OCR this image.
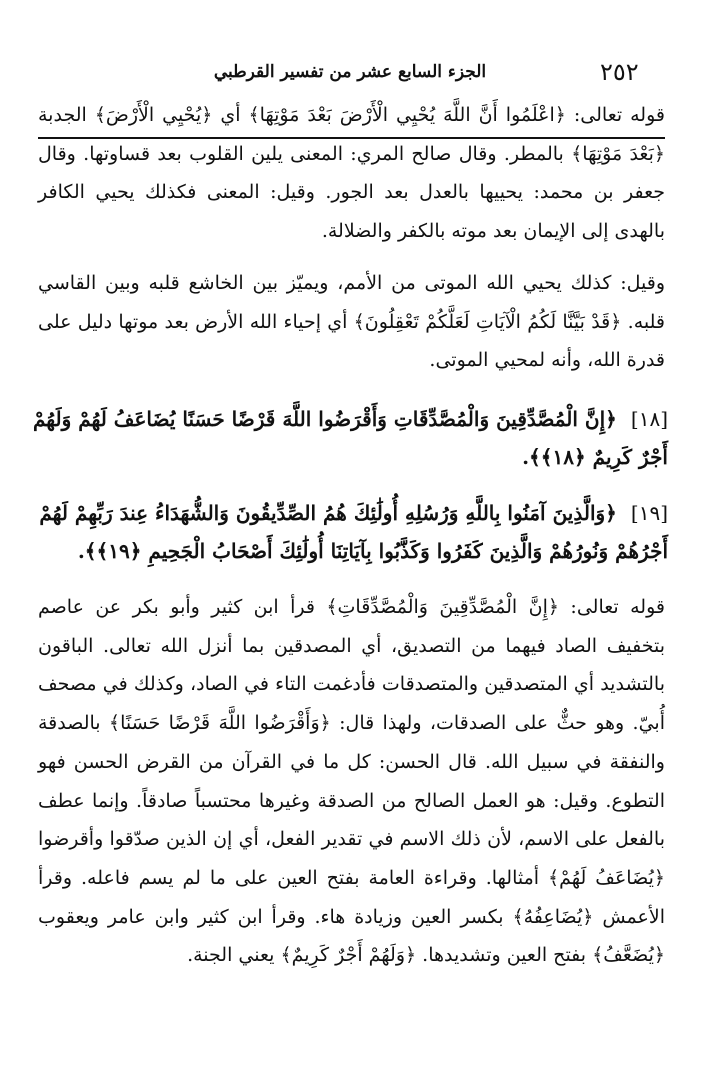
٢٥٢
الجزء السابع عشر من تفسير القرطبي
قوله تعالى: ﴿اعْلَمُوا أَنَّ اللَّهَ يُحْيِي الْأَرْضَ بَعْدَ مَوْتِهَا﴾ أي ﴿يُحْيِي الْأَرْضَ﴾ الجدبة ﴿بَعْدَ مَوْتِهَا﴾ بالمطر. وقال صالح المري: المعنى يلين القلوب بعد قساوتها. وقال جعفر بن محمد: يحييها بالعدل بعد الجور. وقيل: المعنى فكذلك يحيي الكافر بالهدى إلى الإيمان بعد موته بالكفر والضلالة.
وقيل: كذلك يحيي الله الموتى من الأمم، ويميّز بين الخاشع قلبه وبين القاسي قلبه. ﴿قَدْ بَيَّنَّا لَكُمُ الْآيَاتِ لَعَلَّكُمْ تَعْقِلُونَ﴾ أي إحياء الله الأرض بعد موتها دليل على قدرة الله، وأنه لمحيي الموتى.
[١٨]﴿إِنَّ الْمُصَّدِّقِينَ وَالْمُصَّدِّقَاتِ وَأَقْرَضُوا اللَّهَ قَرْضًا حَسَنًا يُضَاعَفُ لَهُمْ وَلَهُمْ أَجْرٌ كَرِيمٌ ﴿١٨﴾﴾.
[١٩]﴿وَالَّذِينَ آمَنُوا بِاللَّهِ وَرُسُلِهِ أُولَٰئِكَ هُمُ الصِّدِّيقُونَ وَالشُّهَدَاءُ عِندَ رَبِّهِمْ لَهُمْ أَجْرُهُمْ وَنُورُهُمْ وَالَّذِينَ كَفَرُوا وَكَذَّبُوا بِآيَاتِنَا أُولَٰئِكَ أَصْحَابُ الْجَحِيمِ ﴿١٩﴾﴾.
قوله تعالى: ﴿إِنَّ الْمُصَّدِّقِينَ وَالْمُصَّدِّقَاتِ﴾ قرأ ابن كثير وأبو بكر عن عاصم بتخفيف الصاد فيهما من التصديق، أي المصدقين بما أنزل الله تعالى. الباقون بالتشديد أي المتصدقين والمتصدقات فأدغمت التاء في الصاد، وكذلك في مصحف أُبيّ. وهو حثٌّ على الصدقات، ولهذا قال: ﴿وَأَقْرَضُوا اللَّهَ قَرْضًا حَسَنًا﴾ بالصدقة والنفقة في سبيل الله. قال الحسن: كل ما في القرآن من القرض الحسن فهو التطوع. وقيل: هو العمل الصالح من الصدقة وغيرها محتسباً صادقاً. وإنما عطف بالفعل على الاسم، لأن ذلك الاسم في تقدير الفعل، أي إن الذين صدّقوا وأقرضوا ﴿يُضَاعَفُ لَهُمْ﴾ أمثالها. وقراءة العامة بفتح العين على ما لم يسم فاعله. وقرأ الأعمش ﴿يُضَاعِفُهُ﴾ بكسر العين وزيادة هاء. وقرأ ابن كثير وابن عامر ويعقوب ﴿يُضَعَّفُ﴾ بفتح العين وتشديدها. ﴿وَلَهُمْ أَجْرٌ كَرِيمٌ﴾ يعني الجنة.
